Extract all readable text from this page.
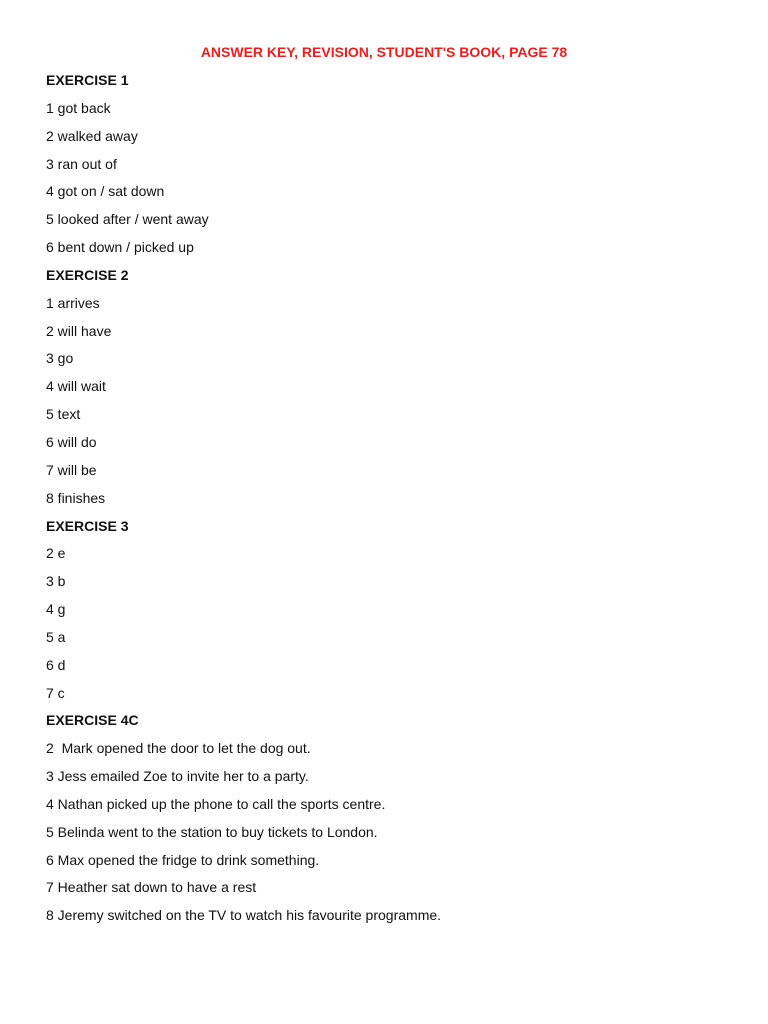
ANSWER KEY, REVISION, STUDENT'S BOOK, PAGE 78
EXERCISE 1
1 got back
2 walked away
3 ran out of
4 got on / sat down
5 looked after / went away
6 bent down / picked up
EXERCISE 2
1 arrives
2 will have
3 go
4 will wait
5 text
6 will do
7 will be
8 finishes
EXERCISE 3
2 e
3 b
4 g
5 a
6 d
7 c
EXERCISE 4C
2  Mark opened the door to let the dog out.
3 Jess emailed Zoe to invite her to a party.
4 Nathan picked up the phone to call the sports centre.
5 Belinda went to the station to buy tickets to London.
6 Max opened the fridge to drink something.
7 Heather sat down to have a rest
8 Jeremy switched on the TV to watch his favourite programme.
